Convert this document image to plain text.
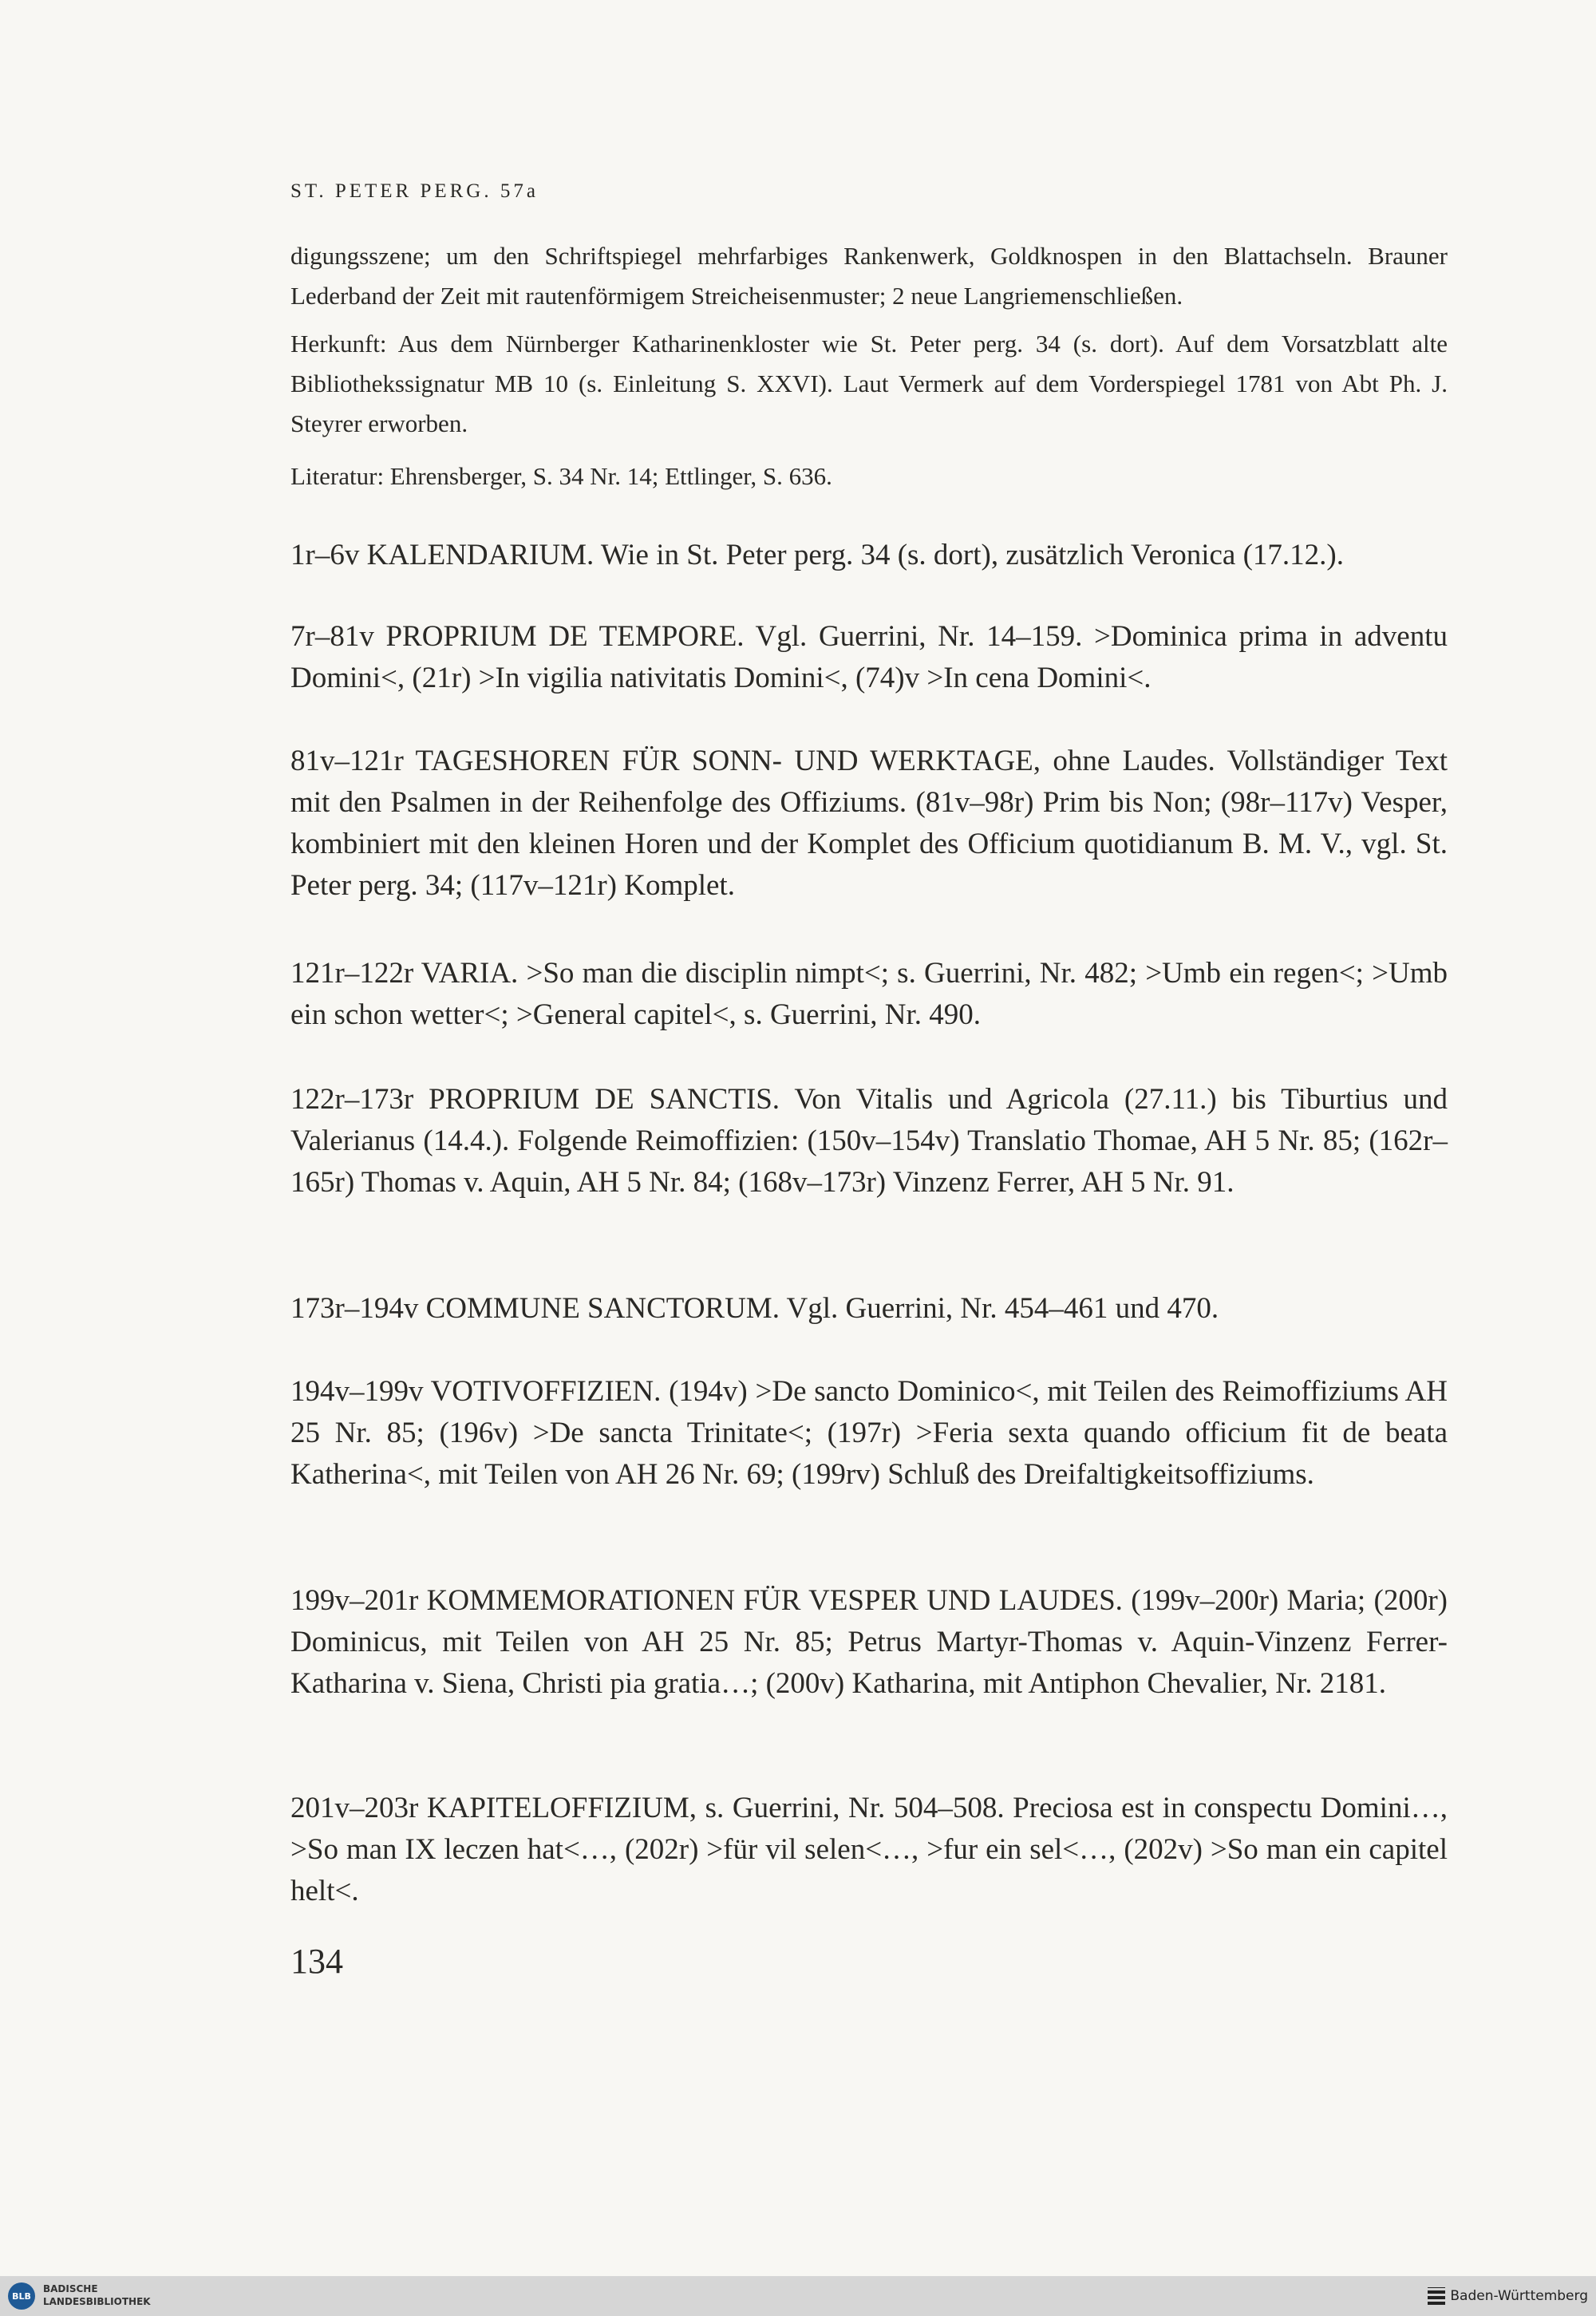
ST. PETER PERG. 57a
digungsszene; um den Schriftspiegel mehrfarbiges Rankenwerk, Goldknospen in den Blattachseln. Brauner Lederband der Zeit mit rautenförmigem Streicheisenmuster; 2 neue Langriemenschließen.
Herkunft: Aus dem Nürnberger Katharinenkloster wie St. Peter perg. 34 (s. dort). Auf dem Vorsatzblatt alte Bibliothekssignatur MB 10 (s. Einleitung S. XXVI). Laut Vermerk auf dem Vorderspiegel 1781 von Abt Ph. J. Steyrer erworben.
Literatur: Ehrensberger, S. 34 Nr. 14; Ettlinger, S. 636.
1r–6v KALENDARIUM. Wie in St. Peter perg. 34 (s. dort), zusätzlich Veronica (17.12.).
7r–81v PROPRIUM DE TEMPORE. Vgl. Guerrini, Nr. 14–159. >Dominica prima in adventu Domini<, (21r) >In vigilia nativitatis Domini<, (74)v >In cena Domini<.
81v–121r TAGESHOREN FÜR SONN- UND WERKTAGE, ohne Laudes. Vollständiger Text mit den Psalmen in der Reihenfolge des Offiziums. (81v–98r) Prim bis Non; (98r–117v) Vesper, kombiniert mit den kleinen Horen und der Komplet des Officium quotidianum B. M. V., vgl. St. Peter perg. 34; (117v–121r) Komplet.
121r–122r VARIA. >So man die disciplin nimpt<; s. Guerrini, Nr. 482; >Umb ein regen<; >Umb ein schon wetter<; >General capitel<, s. Guerrini, Nr. 490.
122r–173r PROPRIUM DE SANCTIS. Von Vitalis und Agricola (27.11.) bis Tiburtius und Valerianus (14.4.). Folgende Reimoffizien: (150v–154v) Translatio Thomae, AH 5 Nr. 85; (162r–165r) Thomas v. Aquin, AH 5 Nr. 84; (168v–173r) Vinzenz Ferrer, AH 5 Nr. 91.
173r–194v COMMUNE SANCTORUM. Vgl. Guerrini, Nr. 454–461 und 470.
194v–199v VOTIVOFFIZIEN. (194v) >De sancto Dominico<, mit Teilen des Reimoffiziums AH 25 Nr. 85; (196v) >De sancta Trinitate<; (197r) >Feria sexta quando officium fit de beata Katherina<, mit Teilen von AH 26 Nr. 69; (199rv) Schluß des Dreifaltigkeitsoffiziums.
199v–201r KOMMEMORATIONEN FÜR VESPER UND LAUDES. (199v–200r) Maria; (200r) Dominicus, mit Teilen von AH 25 Nr. 85; Petrus Martyr-Thomas v. Aquin-Vinzenz Ferrer-Katharina v. Siena, Christi pia gratia…; (200v) Katharina, mit Antiphon Chevalier, Nr. 2181.
201v–203r KAPITELOFFIZIUM, s. Guerrini, Nr. 504–508. Preciosa est in conspectu Domini…, >So man IX leczen hat<…, (202r) >für vil selen<…, >fur ein sel<…, (202v) >So man ein capitel helt<.
134
BLB
BADISCHE
LANDESBIBLIOTHEK	Baden-Württemberg
